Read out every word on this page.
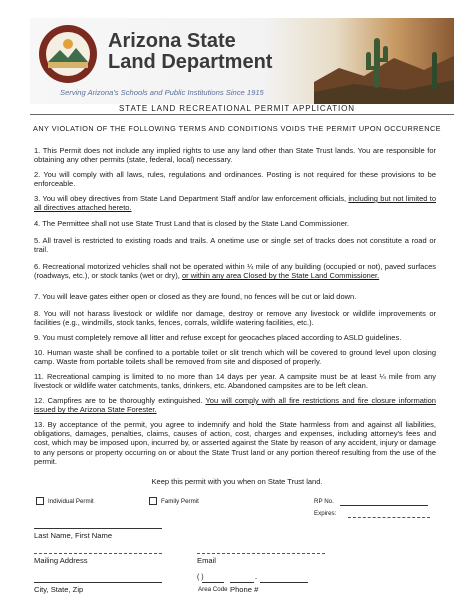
Arizona State
Land Department
Serving Arizona's Schools and Public Institutions Since 1915
STATE LAND RECREATIONAL PERMIT APPLICATION
ANY VIOLATION OF THE FOLLOWING TERMS AND CONDITIONS VOIDS THE PERMIT UPON OCCURRENCE
1. This Permit does not include any implied rights to use any land other than State Trust lands. You are responsible for obtaining any other permits (state, federal, local) necessary.
2. You will comply with all laws, rules, regulations and ordinances. Posting is not required for these provisions to be enforceable.
3. You will obey directives from State Land Department Staff and/or law enforcement officials, including but not limited to all directives attached hereto.
4. The Permittee shall not use State Trust Land that is closed by the State Land Commissioner.
5. All travel is restricted to existing roads and trails. A onetime use or single set of tracks does not constitute a road or trail.
6. Recreational motorized vehicles shall not be operated within ¼ mile of any building (occupied or not), paved surfaces (roadways, etc.), or stock tanks (wet or dry), or within any area Closed by the State Land Commissioner.
7. You will leave gates either open or closed as they are found, no fences will be cut or laid down.
8. You will not harass livestock or wildlife nor damage, destroy or remove any livestock or wildlife improvements or facilities (e.g., windmills, stock tanks, fences, corrals, wildlife watering facilities, etc.).
9. You must completely remove all litter and refuse except for geocaches placed according to ASLD guidelines.
10. Human waste shall be confined to a portable toilet or slit trench which will be covered to ground level upon closing camp. Waste from portable toilets shall be removed from site and disposed of properly.
11. Recreational camping is limited to no more than 14 days per year. A campsite must be at least ¼ mile from any livestock or wildlife water catchments, tanks, drinkers, etc. Abandoned campsites are to be left clean.
12. Campfires are to be thoroughly extinguished. You will comply with all fire restrictions and fire closure information issued by the Arizona State Forester.
13. By acceptance of the permit, you agree to indemnify and hold the State harmless from and against all liabilities, obligations, damages, penalties, claims, causes of action, cost, charges and expenses, including attorney's fees and cost, which may be imposed upon, incurred by, or asserted against the State by reason of any accident, injury or damage to any persons or property occurring on or about the State Trust land or any portion thereof resulting from the use of the permit.
Keep this permit with you when on State Trust land.
Individual Permit	Family Permit	RP No.
Expires:
Last Name, First Name
Mailing Address	Email
City, State, Zip
( )	-
Area Code Phone #
